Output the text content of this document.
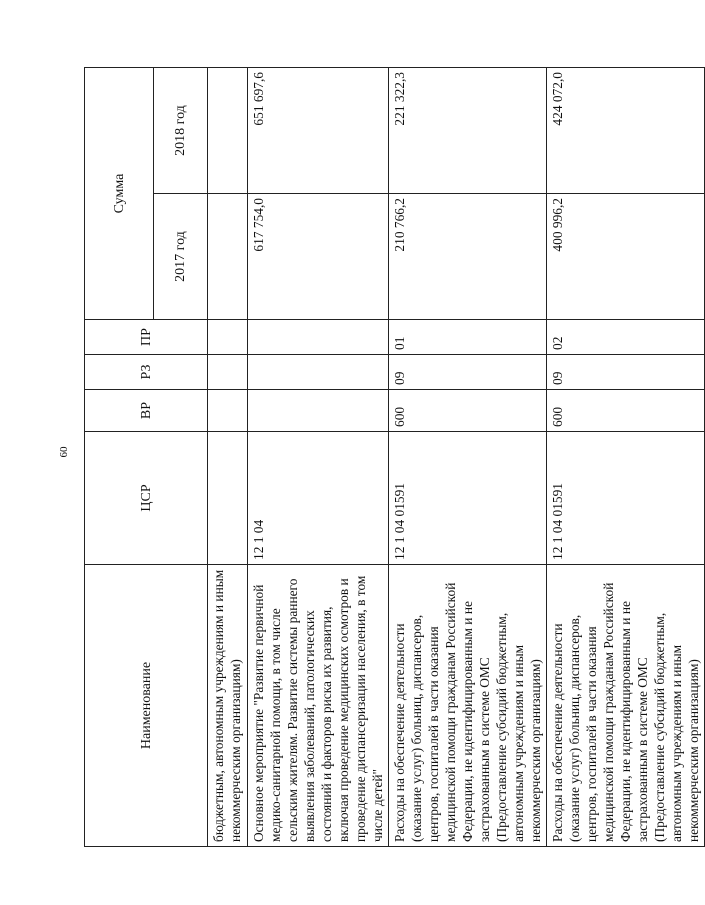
60
Наименование	ЦСР	ВР	РЗ	ПР	Сумма	
					2017 год	2018 год
бюджетным, автономным учреждениям и иным некоммерческим организациям)						
Основное мероприятие "Развитие первичной медико-санитарной помощи, в том числе сельским жителям. Развитие системы раннего выявления заболеваний, патологических состояний и факторов риска их развития, включая проведение медицинских осмотров и проведение диспансеризации населения, в том числе детей"	12 1 04				617 754,0	651 697,6
Расходы на обеспечение деятельности (оказание услуг) больниц, диспансеров, центров, госпиталей в части оказания медицинской помощи гражданам Российской Федерации, не идентифицированным и не застрахованным в системе ОМС (Предоставление субсидий бюджетным, автономным учреждениям и иным некоммерческим организациям)	12 1 04 01591	600	09	01	210 766,2	221 322,3
Расходы на обеспечение деятельности (оказание услуг) больниц, диспансеров, центров, госпиталей в части оказания медицинской помощи гражданам Российской Федерации, не идентифицированным и не застрахованным в системе ОМС (Предоставление субсидий бюджетным, автономным учреждениям и иным некоммерческим организациям)	12 1 04 01591	600	09	02	400 996,2	424 072,0
